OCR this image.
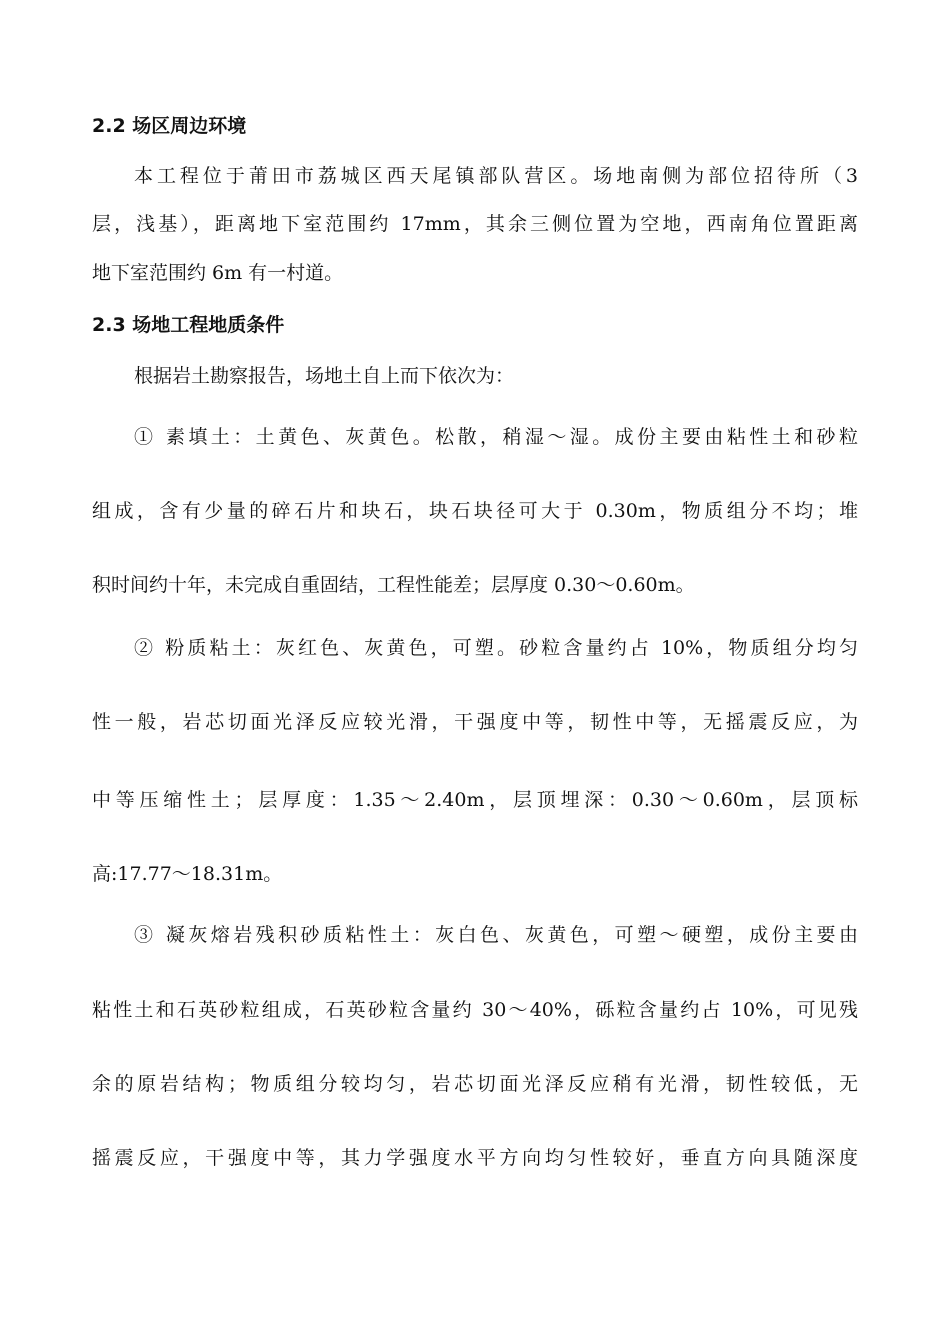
2.2 场区周边环境
本工程位于莆田市荔城区西天尾镇部队营区。场地南侧为部位招待所（3
层，浅基），距离地下室范围约 17mm，其余三侧位置为空地，西南角位置距离
地下室范围约 6m 有一村道。
2.3 场地工程地质条件
根据岩土勘察报告，场地土自上而下依次为：
① 素填土：土黄色、灰黄色。松散，稍湿～湿。成份主要由粘性土和砂粒
组成，含有少量的碎石片和块石，块石块径可大于 0.30m，物质组分不均；堆
积时间约十年，未完成自重固结，工程性能差；层厚度 0.30～0.60m。
② 粉质粘土：灰红色、灰黄色，可塑。砂粒含量约占 10%，物质组分均匀
性一般，岩芯切面光泽反应较光滑，干强度中等，韧性中等，无摇震反应，为
中等压缩性土；层厚度：1.35～2.40m，层顶埋深：0.30～0.60m，层顶标
高:17.77～18.31m。
③ 凝灰熔岩残积砂质粘性土：灰白色、灰黄色，可塑～硬塑，成份主要由
粘性土和石英砂粒组成，石英砂粒含量约 30～40%，砾粒含量约占 10%，可见残
余的原岩结构；物质组分较均匀，岩芯切面光泽反应稍有光滑，韧性较低，无
摇震反应，干强度中等，其力学强度水平方向均匀性较好，垂直方向具随深度
